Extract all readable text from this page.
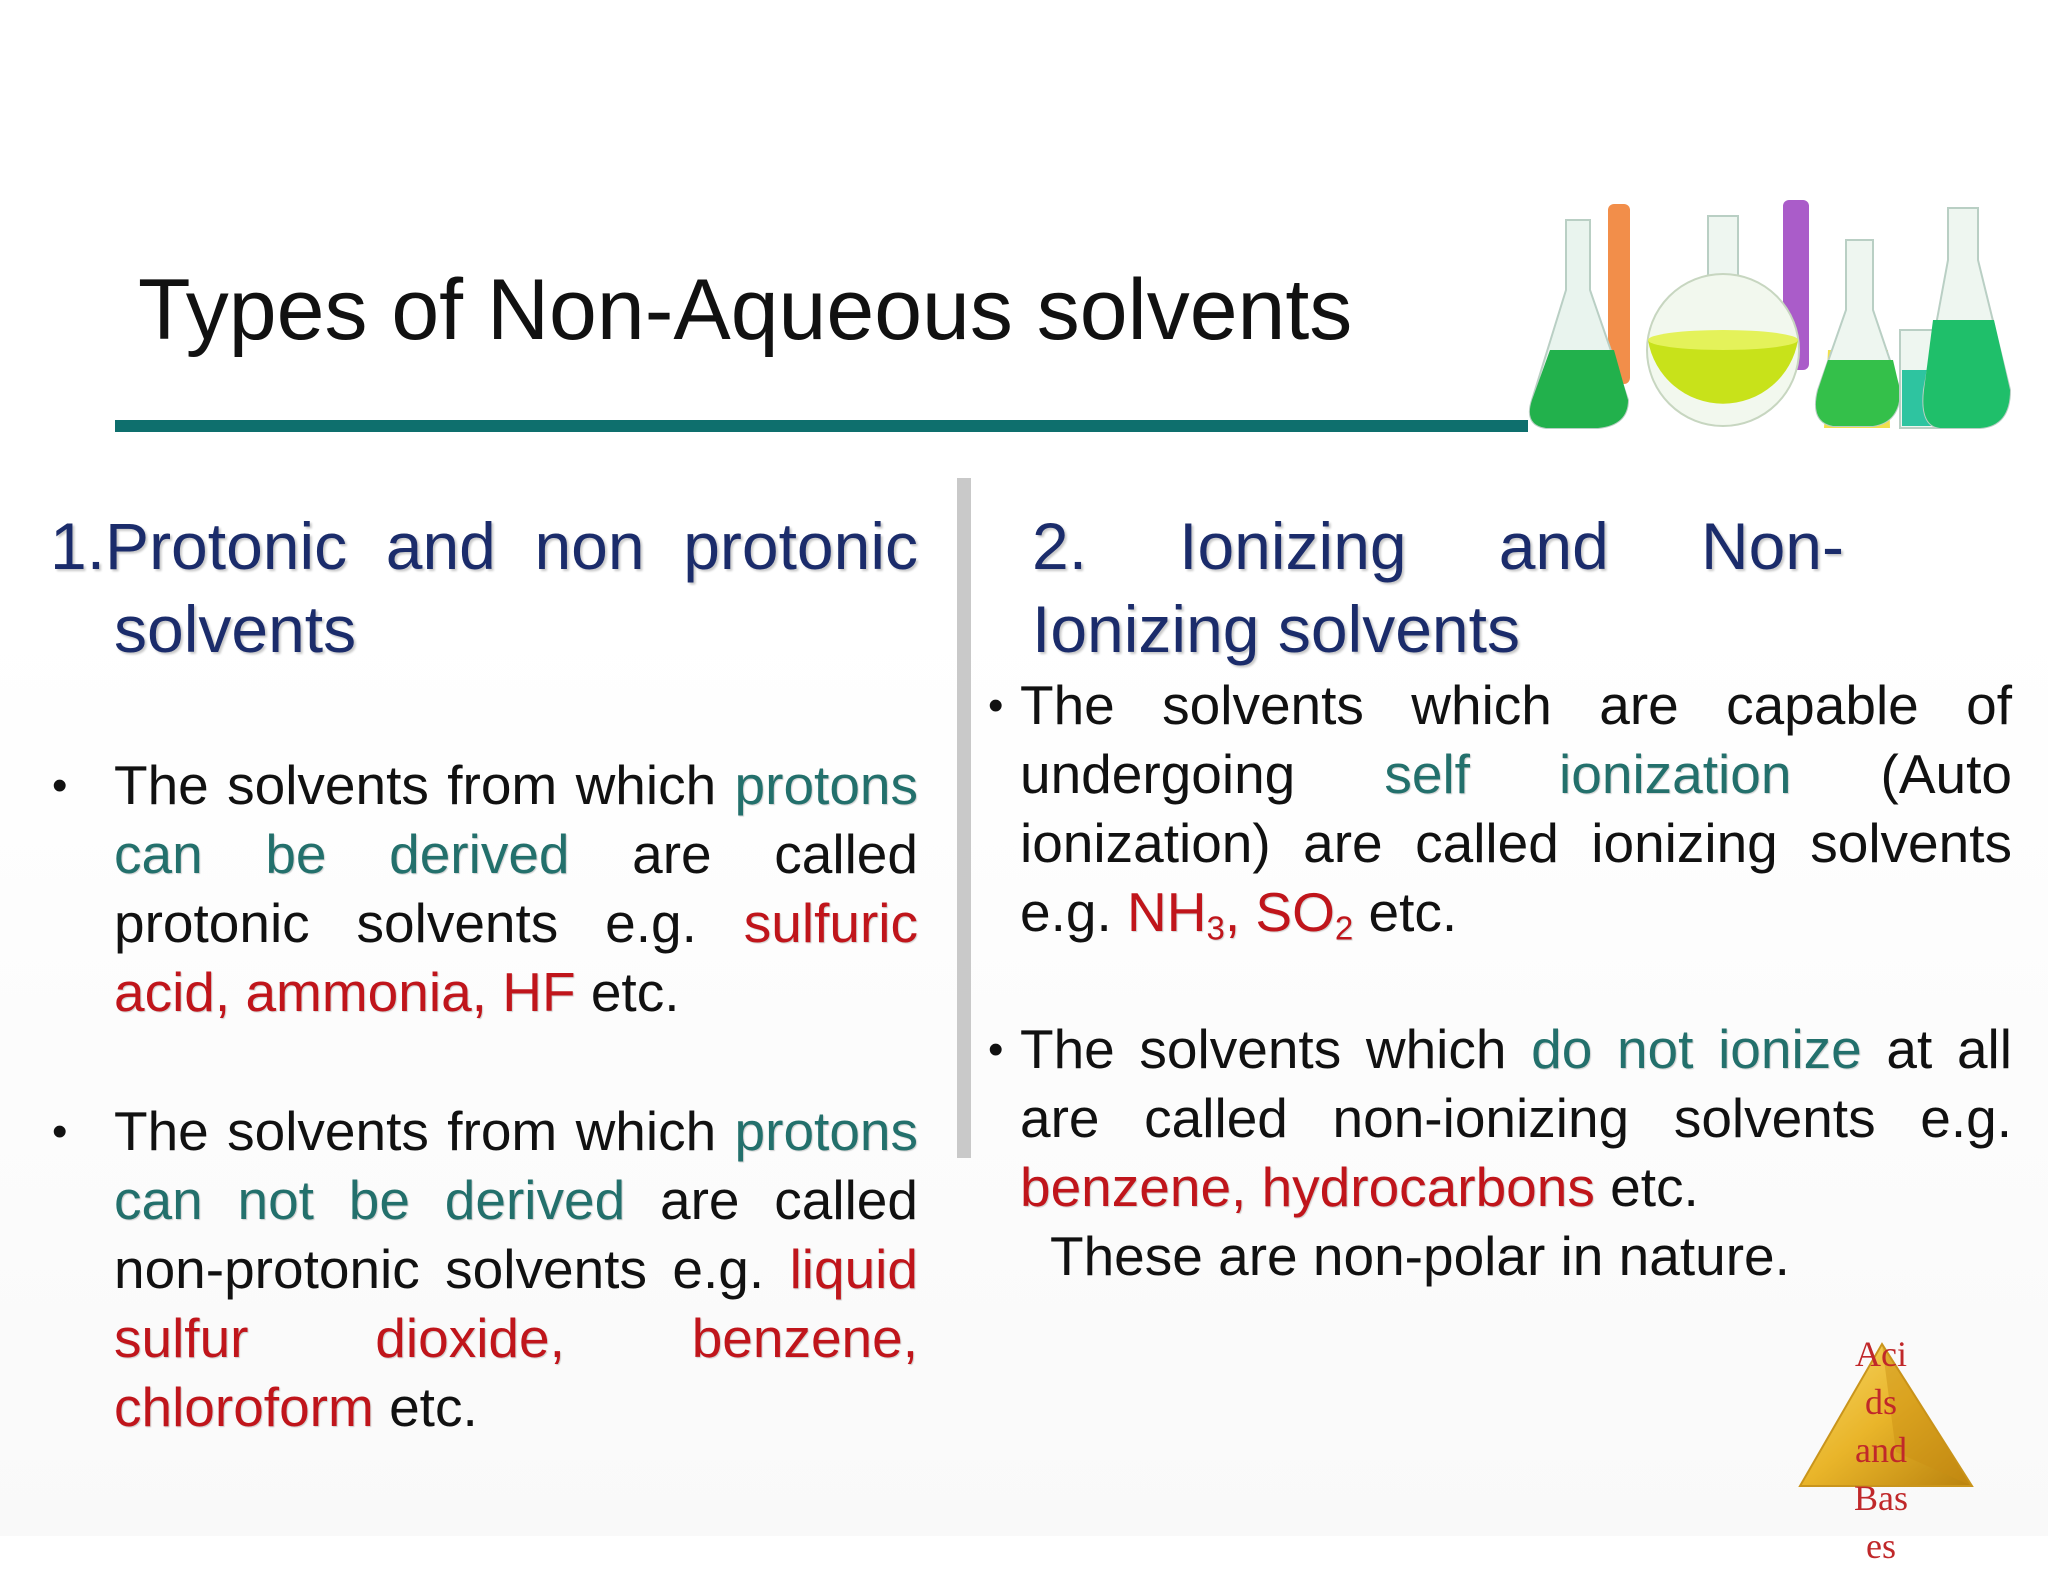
Types of Non-Aqueous solvents

1.Protonic and non protonic solvents

• The solvents from which protons can be derived are called protonic solvents e.g. sulfuric acid, ammonia, HF etc.

• The solvents from which protons can not be derived are called non-protonic solvents e.g. liquid sulfur dioxide, benzene, chloroform etc.

2. Ionizing and Non-Ionizing solvents

• The solvents which are capable of undergoing self ionization (Auto ionization) are called ionizing solvents e.g. $NH_3$, $SO_2$ etc.

• The solvents which do not ionize at all are called non-ionizing solvents e.g. benzene, hydrocarbons etc.

These are non-polar in nature.

Aci
ds
and
Bas
es
